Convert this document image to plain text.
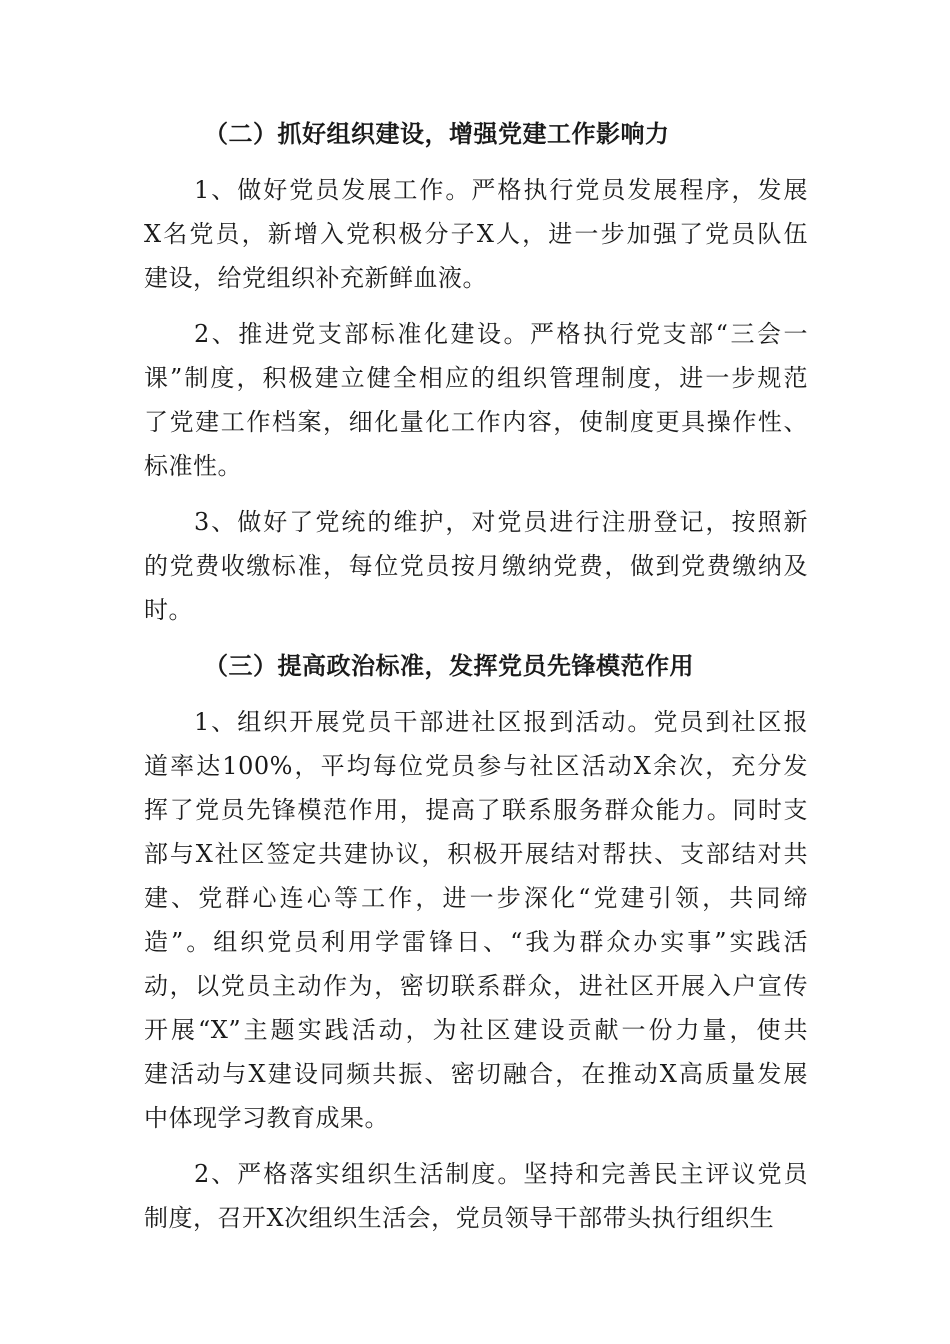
（二）抓好组织建设，增强党建工作影响力
1、做好党员发展工作。严格执行党员发展程序，发展
X名党员，新增入党积极分子X人，进一步加强了党员队伍
建设，给党组织补充新鲜血液。
2、推进党支部标准化建设。严格执行党支部“三会一
课”制度，积极建立健全相应的组织管理制度，进一步规范
了党建工作档案，细化量化工作内容，使制度更具操作性、
标准性。
3、做好了党统的维护，对党员进行注册登记，按照新
的党费收缴标准，每位党员按月缴纳党费，做到党费缴纳及
时。
（三）提高政治标准，发挥党员先锋模范作用
1、组织开展党员干部进社区报到活动。党员到社区报
道率达100%，平均每位党员参与社区活动X余次，充分发
挥了党员先锋模范作用，提高了联系服务群众能力。同时支
部与X社区签定共建协议，积极开展结对帮扶、支部结对共
建、党群心连心等工作，进一步深化“党建引领，共同缔
造”。组织党员利用学雷锋日、“我为群众办实事”实践活
动，以党员主动作为，密切联系群众，进社区开展入户宣传
开展“X”主题实践活动，为社区建设贡献一份力量，使共
建活动与X建设同频共振、密切融合，在推动X高质量发展
中体现学习教育成果。
2、严格落实组织生活制度。坚持和完善民主评议党员
制度，召开X次组织生活会，党员领导干部带头执行组织生
